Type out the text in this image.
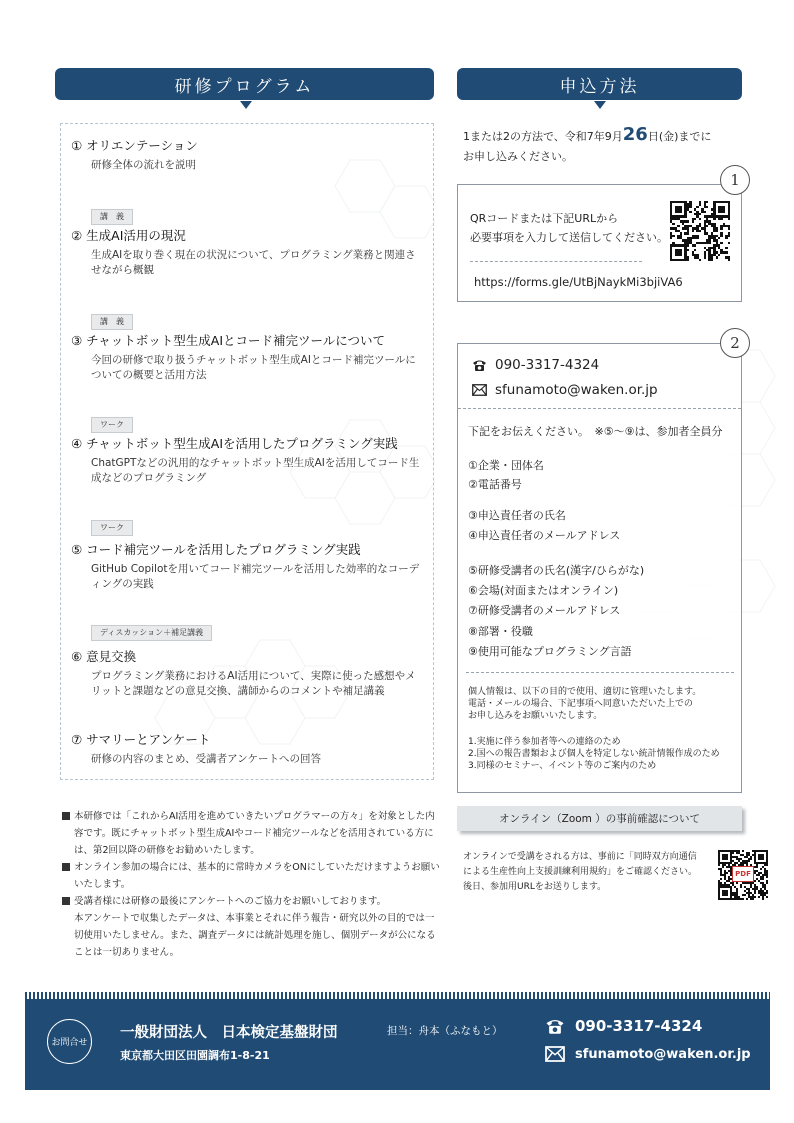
研修プログラム
① オリエンテーション
研修全体の流れを説明
講　義
② 生成AI活用の現況
生成AIを取り巻く現在の状況について、プログラミング業務と関連させながら概観
講　義
③ チャットボット型生成AIとコード補完ツールについて
今回の研修で取り扱うチャットボット型生成AIとコード補完ツールについての概要と活用方法
ワーク
④ チャットボット型生成AIを活用したプログラミング実践
ChatGPTなどの汎用的なチャットボット型生成AIを活用してコード生成などのプログラミング
ワーク
⑤ コード補完ツールを活用したプログラミング実践
GitHub Copilotを用いてコード補完ツールを活用した効率的なコーディングの実践
ディスカッション＋補足講義
⑥ 意見交換
プログラミング業務におけるAI活用について、実際に使った感想やメリットと課題などの意見交換、講師からのコメントや補足講義
⑦ サマリーとアンケート
研修の内容のまとめ、受講者アンケートへの回答
申込方法
1または2の方法で、令和7年9月26日(金)までに
お申し込みください。
QRコードまたは下記URLから
必要事項を入力して送信してください。
https://forms.gle/UtBjNaykMi3bjiVA6
1
090-3317-4324
sfunamoto@waken.or.jp
下記をお伝えください。　※⑤～⑨は、参加者全員分
①企業・団体名
②電話番号
③申込責任者の氏名
④申込責任者のメールアドレス
⑤研修受講者の氏名(漢字/ひらがな)
⑥会場(対面またはオンライン)
⑦研修受講者のメールアドレス
⑧部署・役職
⑨使用可能なプログラミング言語
個人情報は、以下の目的で使用、適切に管理いたします。
電話・メールの場合、下記事項へ同意いただいた上での
お申し込みをお願いいたします。
1.実施に伴う参加者等への連絡のため
2.国への報告書類および個人を特定しない統計情報作成のため
3.同様のセミナー、イベント等のご案内のため
2
オンライン（Zoom ）の事前確認について
オンラインで受講をされる方は、事前に「同時双方向通信による生産性向上支援訓練利用規約」をご確認ください。後日、参加用URLをお送りします。
PDF
本研修では「これからAI活用を進めていきたいプログラマーの方々」を対象とした内容です。既にチャットボット型生成AIやコード補完ツールなどを活用されている方には、第2回以降の研修をお勧めいたします。
オンライン参加の場合には、基本的に常時カメラをONにしていただけますようお願いいたします。
受講者様には研修の最後にアンケートへのご協力をお願いしております。
本アンケートで収集したデータは、本事業とそれに伴う報告・研究以外の目的では一切使用いたしません。また、調査データには統計処理を施し、個別データが公になることは一切ありません。
お問合せ
一般財団法人　日本検定基盤財団
東京都大田区田園調布1-8-21
担当：舟本（ふなもと）	090-3317-4324
sfunamoto@waken.or.jp
